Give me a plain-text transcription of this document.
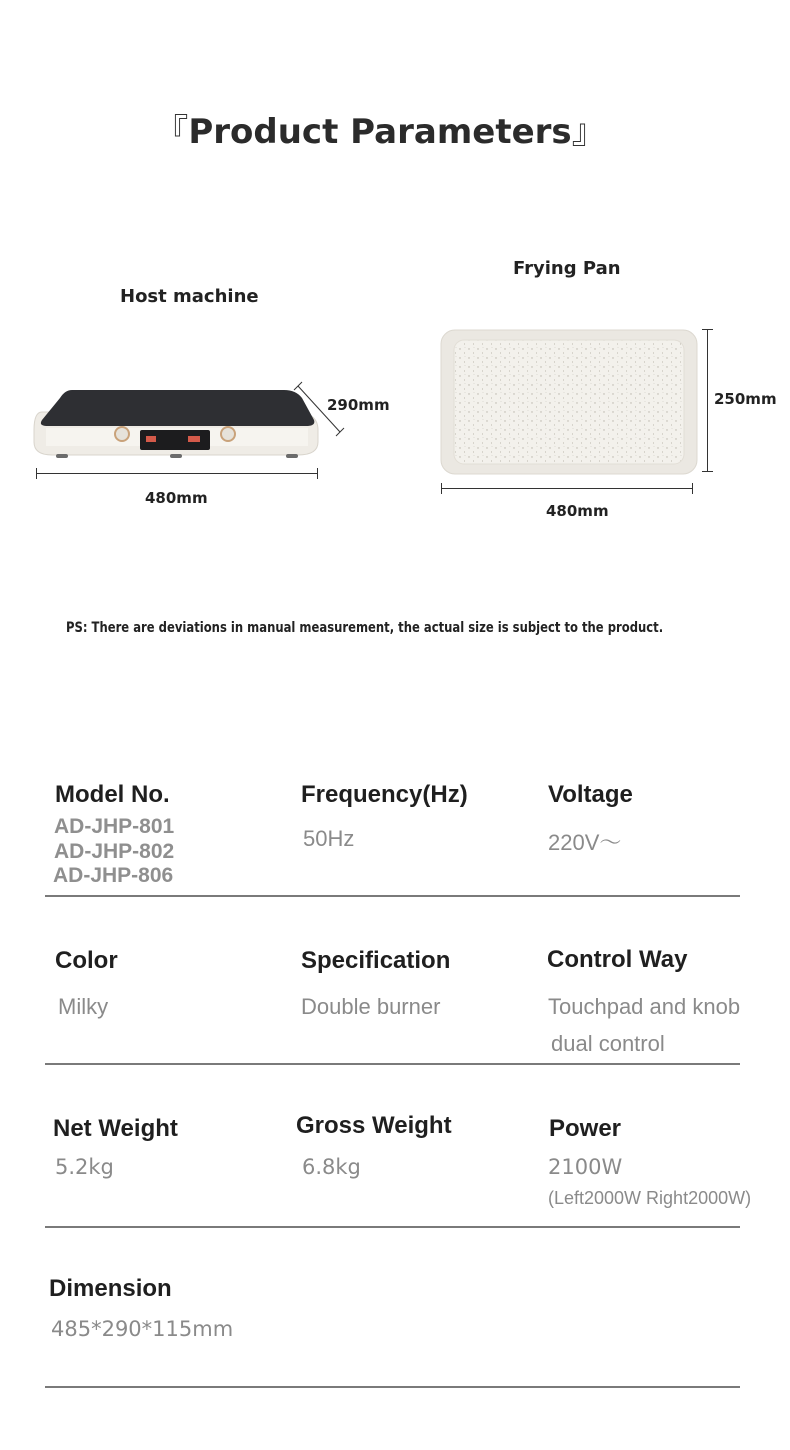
『Product Parameters』
Host machine
290mm
480mm
Frying Pan
250mm
480mm
PS: There are deviations in manual measurement, the actual size is subject to the product.
Model No.
AD-JHP-801
AD-JHP-802
AD-JHP-806
Frequency(Hz)
50Hz
Voltage
220V～
Color
Milky
Specification
Double burner
Control Way
Touchpad and knob
dual control
Net Weight
5.2kg
Gross Weight
6.8kg
Power
2100W
(Left2000W Right2000W)
Dimension
485*290*115mm
